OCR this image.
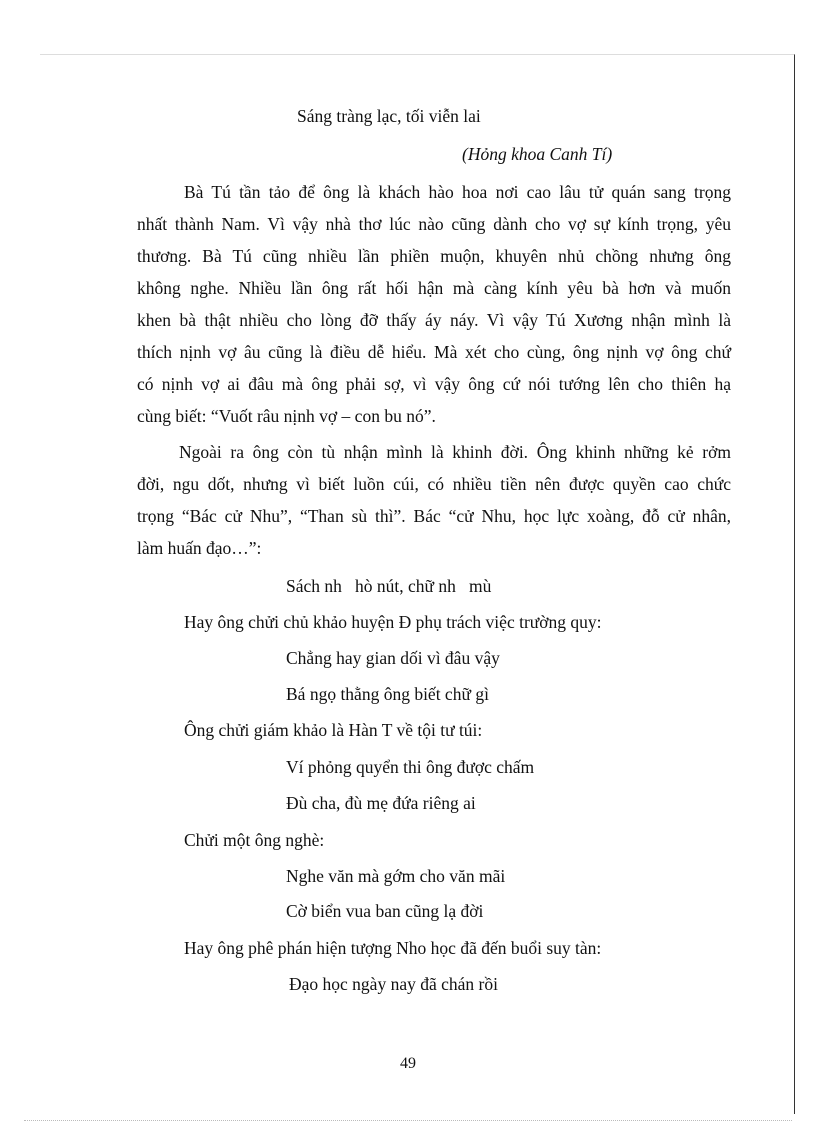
Sáng tràng lạc, tối viễn lai
(Hỏng khoa Canh Tí)
Bà Tú tần tảo để ông là khách hào hoa nơi cao lâu tử quán sang trọng
nhất thành Nam. Vì vậy nhà thơ lúc nào cũng dành cho vợ sự kính trọng, yêu
thương. Bà Tú cũng nhiều lần phiền muộn, khuyên nhủ chồng nhưng ông
không nghe. Nhiều lần ông rất hối hận mà càng kính yêu bà hơn và muốn
khen bà thật nhiều cho lòng đỡ thấy áy náy. Vì vậy Tú Xương nhận mình là
thích nịnh vợ âu cũng là điều dễ hiểu. Mà xét cho cùng, ông nịnh vợ ông chứ
có nịnh vợ ai đâu mà ông phải sợ, vì vậy ông cứ nói tướng lên cho thiên hạ
cùng biết: “Vuốt râu nịnh vợ – con bu nó”.
Ngoài ra ông còn tù nhận mình là khinh đời. Ông khinh những kẻ rởm
đời, ngu dốt, nhưng vì biết luồn cúi, có nhiều tiền nên được quyền cao chức
trọng “Bác cử Nhu”, “Than sù thì”. Bác “cử Nhu, học lực xoàng, đỗ cử nhân,
làm huấn đạo…”:
Sách nh   hò nút, chữ nh   mù
Hay ông chửi chủ khảo huyện Đ phụ trách việc trường quy:
Chẳng hay gian dối vì đâu vậy
Bá ngọ thằng ông biết chữ gì
Ông chửi giám khảo là Hàn T về tội tư túi:
Ví phỏng quyển thi ông được chấm
Đù cha, đù mẹ đứa riêng ai
Chửi một ông nghè:
Nghe văn mà gớm cho văn mãi
Cờ biển vua ban cũng lạ đời
Hay ông phê phán hiện tượng Nho học đã đến buổi suy tàn:
Đạo học ngày nay đã chán rồi
49
